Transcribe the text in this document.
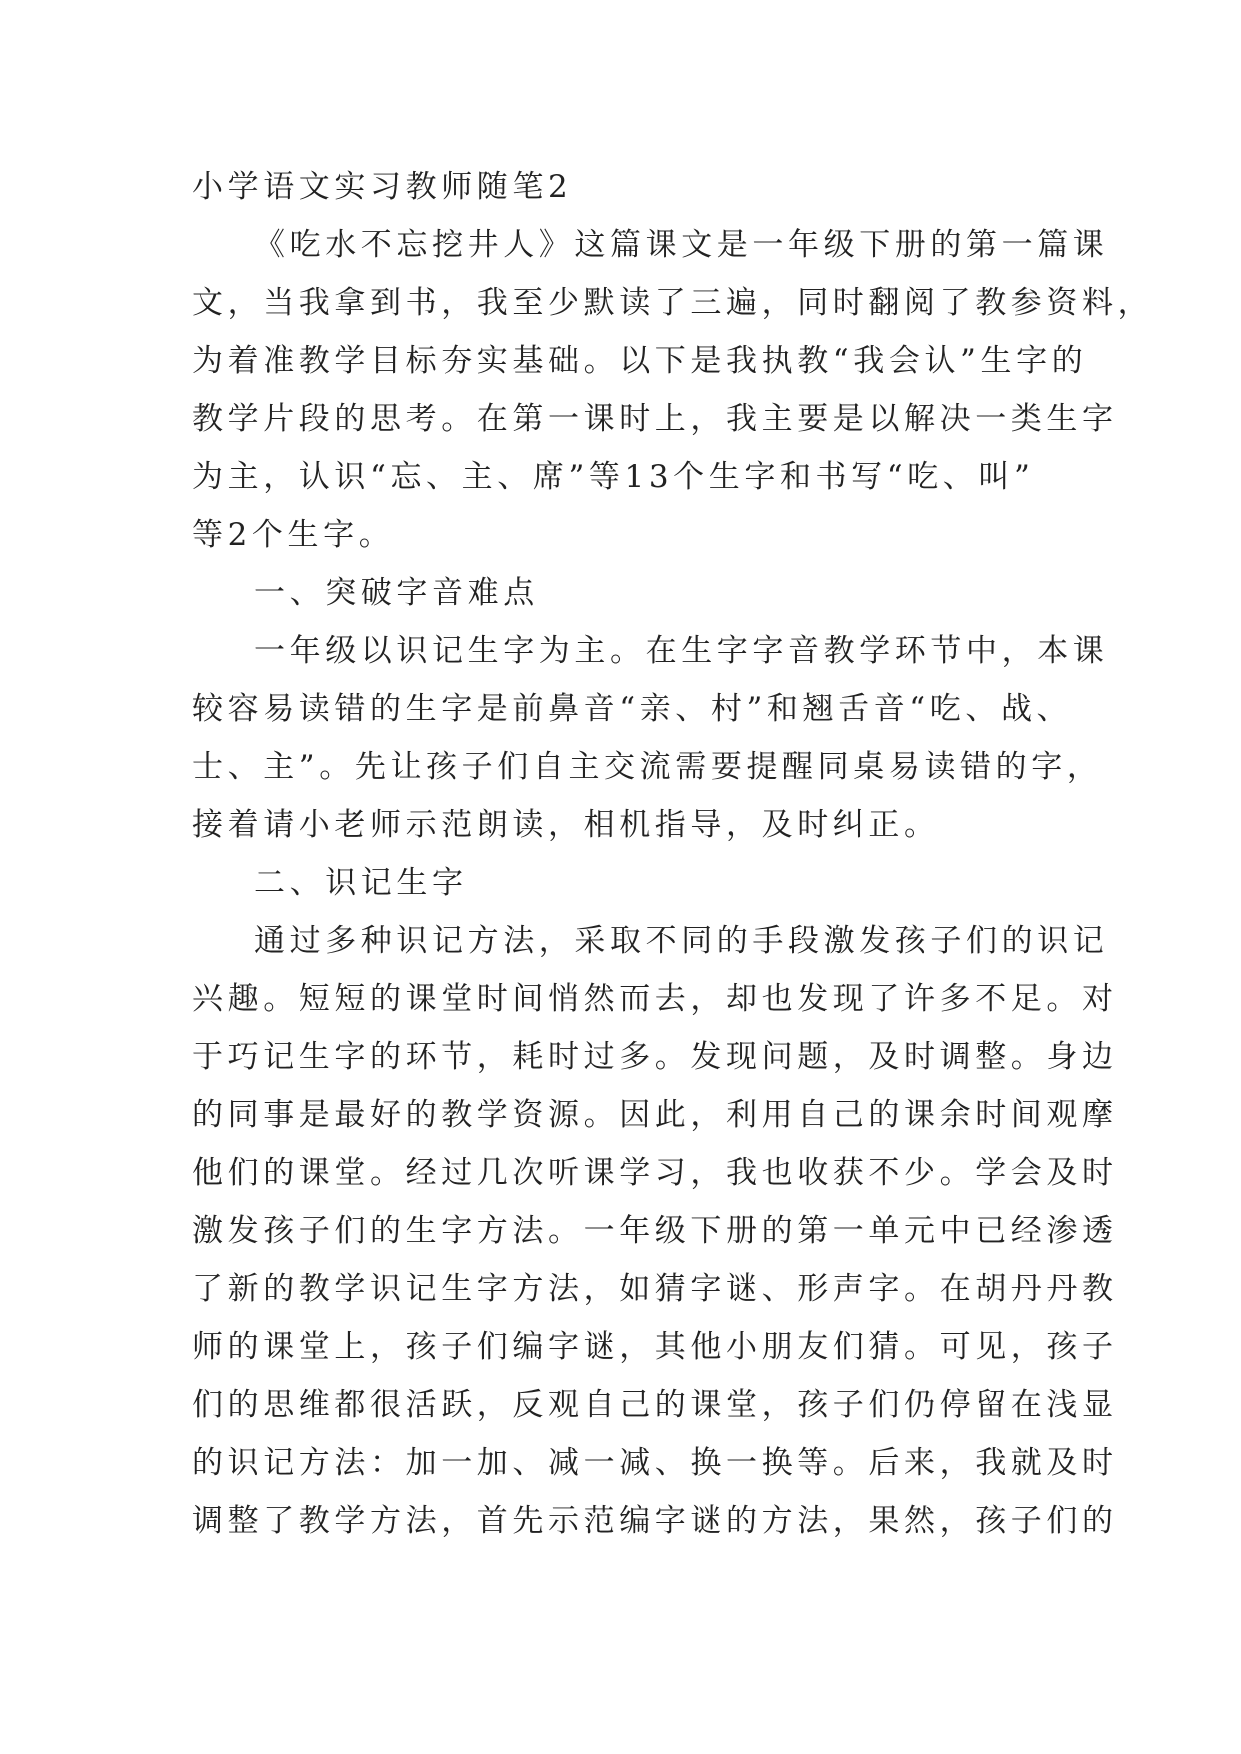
小学语文实习教师随笔2
《吃水不忘挖井人》这篇课文是一年级下册的第一篇课
文，当我拿到书，我至少默读了三遍，同时翻阅了教参资料，
为着准教学目标夯实基础。以下是我执教“我会认”生字的
教学片段的思考。在第一课时上，我主要是以解决一类生字
为主，认识“忘、主、席”等13个生字和书写“吃、叫”
等2个生字。
一、突破字音难点
一年级以识记生字为主。在生字字音教学环节中，本课
较容易读错的生字是前鼻音“亲、村”和翘舌音“吃、战、
士、主”。先让孩子们自主交流需要提醒同桌易读错的字，
接着请小老师示范朗读，相机指导，及时纠正。
二、识记生字
通过多种识记方法，采取不同的手段激发孩子们的识记
兴趣。短短的课堂时间悄然而去，却也发现了许多不足。对
于巧记生字的环节，耗时过多。发现问题，及时调整。身边
的同事是最好的教学资源。因此，利用自己的课余时间观摩
他们的课堂。经过几次听课学习，我也收获不少。学会及时
激发孩子们的生字方法。一年级下册的第一单元中已经渗透
了新的教学识记生字方法，如猜字谜、形声字。在胡丹丹教
师的课堂上，孩子们编字谜，其他小朋友们猜。可见，孩子
们的思维都很活跃，反观自己的课堂，孩子们仍停留在浅显
的识记方法：加一加、减一减、换一换等。后来，我就及时
调整了教学方法，首先示范编字谜的方法，果然，孩子们的
